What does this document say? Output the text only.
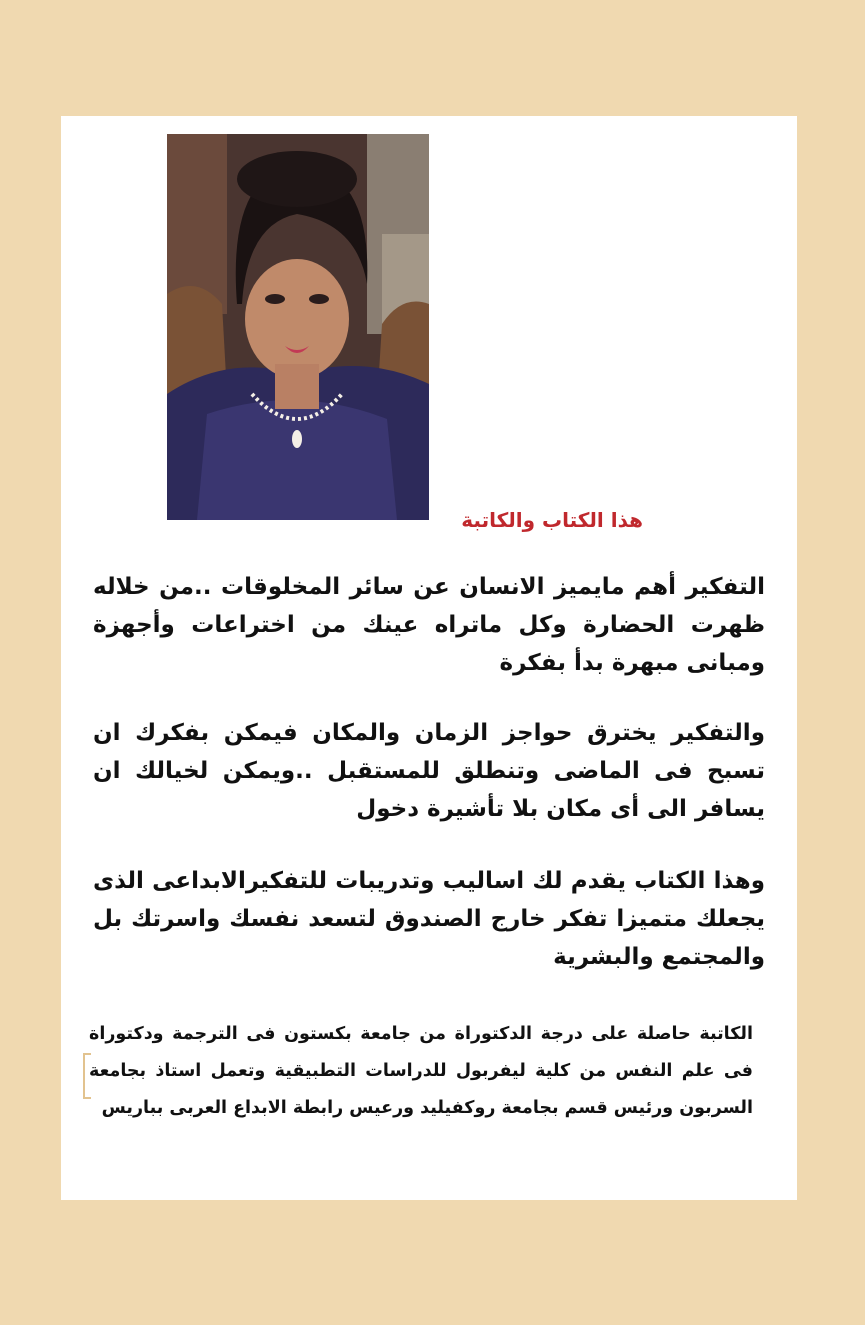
هذا الكتاب والكاتبة
التفكير أهم مايميز الانسان عن سائر المخلوقات ..من خلاله ظهرت الحضارة وكل ماتراه عينك من اختراعات وأجهزة ومبانى مبهرة بدأ بفكرة
والتفكير يخترق حواجز الزمان والمكان فيمكن بفكرك ان تسبح فى الماضى وتنطلق للمستقبل ..ويمكن لخيالك ان يسافر الى أى مكان بلا تأشيرة دخول
وهذا الكتاب يقدم لك اساليب وتدريبات للتفكيرالابداعى الذى يجعلك متميزا تفكر خارج الصندوق لتسعد نفسك واسرتك بل والمجتمع والبشرية
الكاتبة حاصلة على درجة الدكتوراة من جامعة بكستون فى الترجمة ودكتوراة فى علم النفس من كلية ليفربول للدراسات التطبيقية وتعمل استاذ بجامعة السربون ورئيس قسم بجامعة روكفيليد ورعيس رابطة الابداع العربى بباريس
